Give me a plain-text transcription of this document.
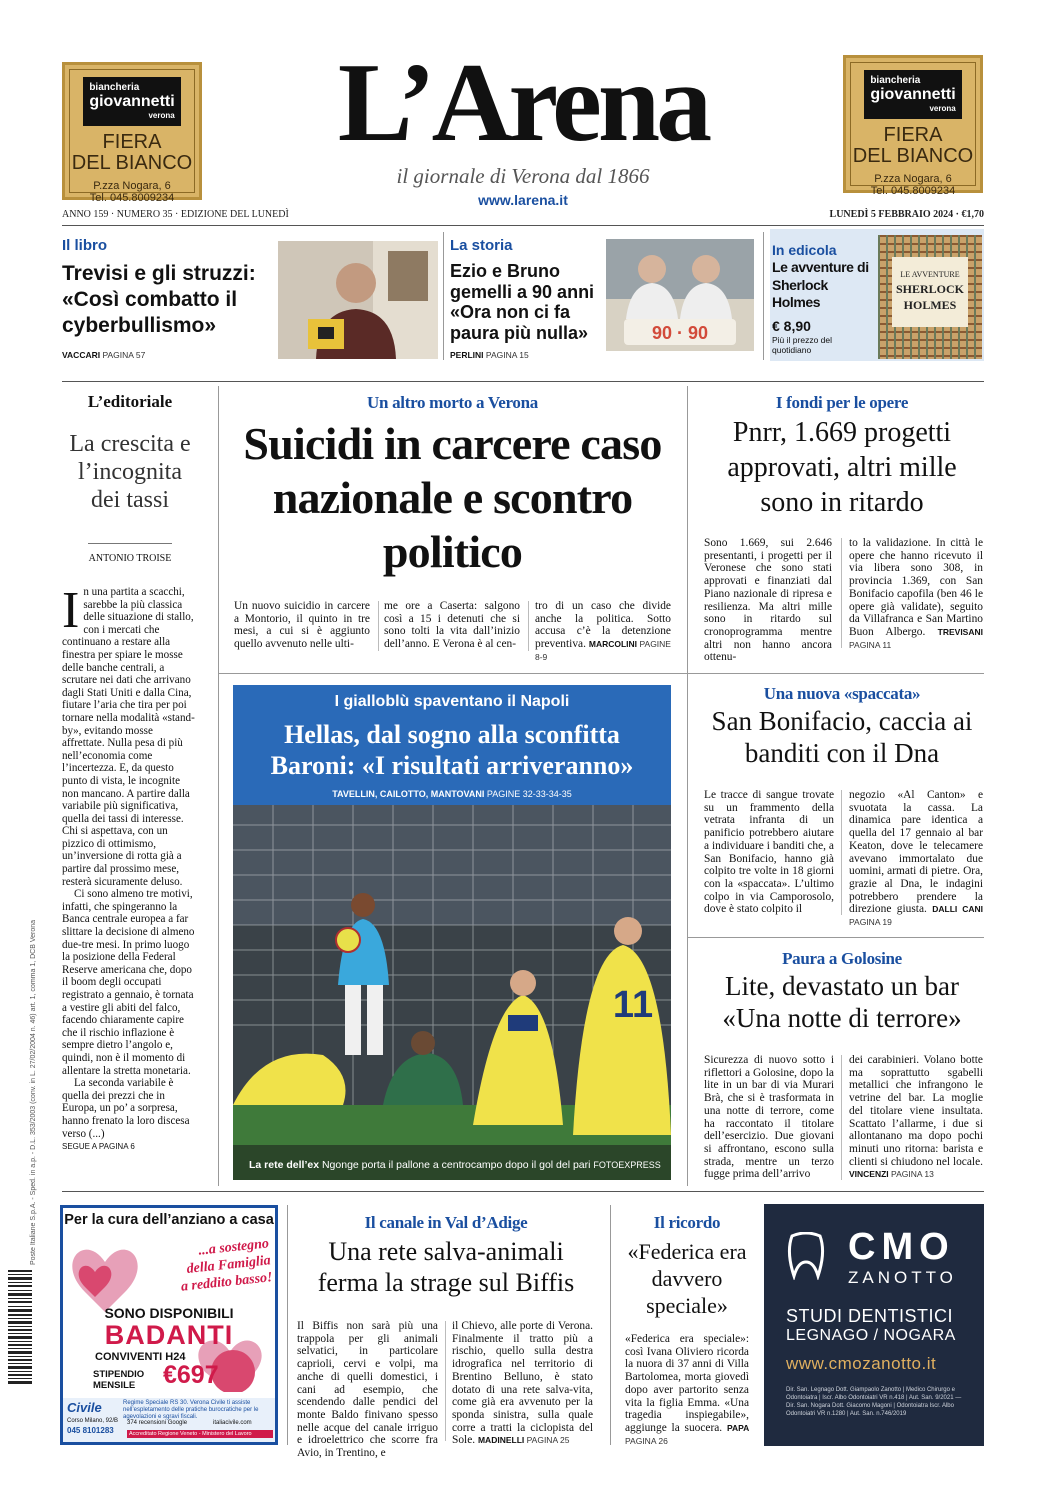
biancheria
giovannetti
verona
FIERA
DEL BIANCO
P.zza Nogara, 6
Tel. 045.8009234
biancheria
giovannetti
verona
FIERA
DEL BIANCO
P.zza Nogara, 6
Tel. 045.8009234
L’Arena
il giornale di Verona dal 1866
www.larena.it
ANNO 159 · NUMERO 35 · EDIZIONE DEL LUNEDÌ	LUNEDÌ 5 FEBBRAIO 2024 · €1,70
Il libro
Trevisi e gli struzzi: «Così combatto il cyberbullismo»
VACCARI PAGINA 57
La storia
Ezio e Bruno gemelli a 90 anni «Ora non ci fa paura più nulla»
PERLINI PAGINA 15
90 · 90
In edicola
Le avventure di Sherlock Holmes
€ 8,90
Più il prezzo del quotidiano
LE AVVENTURE
SHERLOCK
HOLMES
L’editoriale
La crescita e l’incognita dei tassi
ANTONIO TROISE
In una partita a scacchi, sarebbe la più classica delle situazione di stallo, con i mercati che continuano a restare alla finestra per spiare le mosse delle banche centrali, a scrutare nei dati che arrivano dagli Stati Uniti e dalla Cina, fiutare l’aria che tira per poi tornare nella modalità «stand-by», evitando mosse affrettate. Nulla pesa di più nell’economia come l’incertezza. E, da questo punto di vista, le incognite non mancano. A partire dalla variabile più significativa, quella dei tassi di interesse. Chi si aspettava, con un pizzico di ottimismo, un’inversione di rotta già a partire dal prossimo mese, resterà sicuramente deluso.
Ci sono almeno tre motivi, infatti, che spingeranno la Banca centrale europea a far slittare la decisione di almeno due-tre mesi. In primo luogo la posizione della Federal Reserve americana che, dopo il boom degli occupati registrato a gennaio, è tornata a vestire gli abiti del falco, facendo chiaramente capire che il rischio inflazione è sempre dietro l’angolo e, quindi, non è il momento di allentare la stretta monetaria.
La seconda variabile è quella dei prezzi che in Europa, un po’ a sorpresa, hanno frenato la loro discesa verso (...)
SEGUE A PAGINA 6
Un altro morto a Verona
Suicidi in carcere caso nazionale e scontro politico
Un nuovo suicidio in carcere a Montorio, il quinto in tre mesi, a cui si è aggiunto quello avvenuto nelle ulti-
me ore a Caserta: salgono così a 15 i detenuti che si sono tolti la vita dall’inizio dell’anno. E Verona è al cen-
tro di un caso che divide anche la politica. Sotto accusa c’è la detenzione preventiva. MARCOLINI PAGINE 8-9
I fondi per le opere
Pnrr, 1.669 progetti approvati, altri mille sono in ritardo
Sono 1.669, sui 2.646 presentanti, i progetti per il Veronese che sono stati approvati e finanziati dal Piano nazionale di ripresa e resilienza. Ma altri mille sono in ritardo sul cronoprogramma mentre altri non hanno ancora ottenu-
to la validazione. In città le opere che hanno ricevuto il via libera sono 308, in provincia 1.369, con San Bonifacio capofila (ben 46 le opere già validate), seguito da Villafranca e San Martino Buon Albergo. TREVISANI PAGINA 11
I gialloblù spaventano il Napoli
Hellas, dal sogno alla sconfitta
Baroni: «I risultati arriveranno»
TAVELLIN, CAILOTTO, MANTOVANI PAGINE 32-33-34-35
11
La rete dell’ex Ngonge porta il pallone a centrocampo dopo il gol del pari FOTOEXPRESS
Una nuova «spaccata»
San Bonifacio, caccia ai banditi con il Dna
Le tracce di sangue trovate su un frammento della vetrata infranta di un panificio potrebbero aiutare a individuare i banditi che, a San Bonifacio, hanno già colpito tre volte in 18 giorni con la «spaccata». L’ultimo colpo in via Camporosolo, dove è stato colpito il
negozio «Al Canton» e svuotata la cassa. La dinamica pare identica a quella del 17 gennaio al bar Keaton, dove le telecamere avevano immortalato due uomini, armati di pietre. Ora, grazie al Dna, le indagini potrebbero prendere la direzione giusta. DALLI CANI PAGINA 19
Paura a Golosine
Lite, devastato un bar «Una notte di terrore»
Sicurezza di nuovo sotto i riflettori a Golosine, dopo la lite in un bar di via Murari Brà, che si è trasformata in una notte di terrore, come ha raccontato il titolare dell’esercizio. Due giovani si affrontano, escono sulla strada, mentre un terzo fugge prima dell’arrivo
dei carabinieri. Volano botte ma soprattutto sgabelli metallici che infrangono le vetrine del bar. La moglie del titolare viene insultata. Scattato l’allarme, i due si allontanano ma dopo pochi minuti uno ritorna: barista e clienti si chiudono nel locale. VINCENZI PAGINA 13
Per la cura dell’anziano a casa
...a sostegno
della Famiglia
a reddito basso!
SONO DISPONIBILI
BADANTI
CONVIVENTI H24
STIPENDIO
MENSILE	€697
Civile	Regime Speciale RS 30. Verona Civile ti assiste nell’espletamento delle pratiche burocratiche per le agevolazioni e sgravi fiscali.
Corso Milano, 92/B
045 8101283
374 recensioni Google	italiacivile.com
Accreditato Regione Veneto - Ministero del Lavoro
Il canale in Val d’Adige
Una rete salva-animali ferma la strage sul Biffis
Il Biffis non sarà più una trappola per gli animali selvatici, in particolare caprioli, cervi e volpi, ma anche di quelli domestici, i cani ad esempio, che scendendo dalle pendici del monte Baldo finivano spesso nelle acque del canale irriguo e idroelettrico che scorre fra Avio, in Trentino, e
il Chievo, alle porte di Verona. Finalmente il tratto più a rischio, quello sulla destra idrografica nel territorio di Brentino Belluno, è stato dotato di una rete salva-vita, come già era avvenuto per la sponda sinistra, sulla quale corre a tratti la ciclopista del Sole. MADINELLI PAGINA 25
Il ricordo
«Federica era davvero speciale»
«Federica era speciale»: così Ivana Oliviero ricorda la nuora di 37 anni di Villa Bartolomea, morta giovedì dopo aver partorito senza vita la figlia Emma. «Una tragedia inspiegabile», aggiunge la suocera. PAPA PAGINA 26
CMO
ZANOTTO
STUDI DENTISTICI
LEGNAGO / NOGARA
www.cmozanotto.it
Dir. San. Legnago Dott. Giampaolo Zanotto | Medico Chirurgo e Odontoiatra | Iscr. Albo Odontoiatri VR n.418 | Aut. San. 9/2021 — Dir. San. Nogara Dott. Giacomo Magoni | Odontoiatra Iscr. Albo Odontoiatri VR n.1280 | Aut. San. n.746/2019
Poste Italiane S.p.A. - Sped. in a.p. - D.L. 353/2003 (conv. in L. 27/02/2004 n. 46) art. 1, comma 1, DCB Verona
